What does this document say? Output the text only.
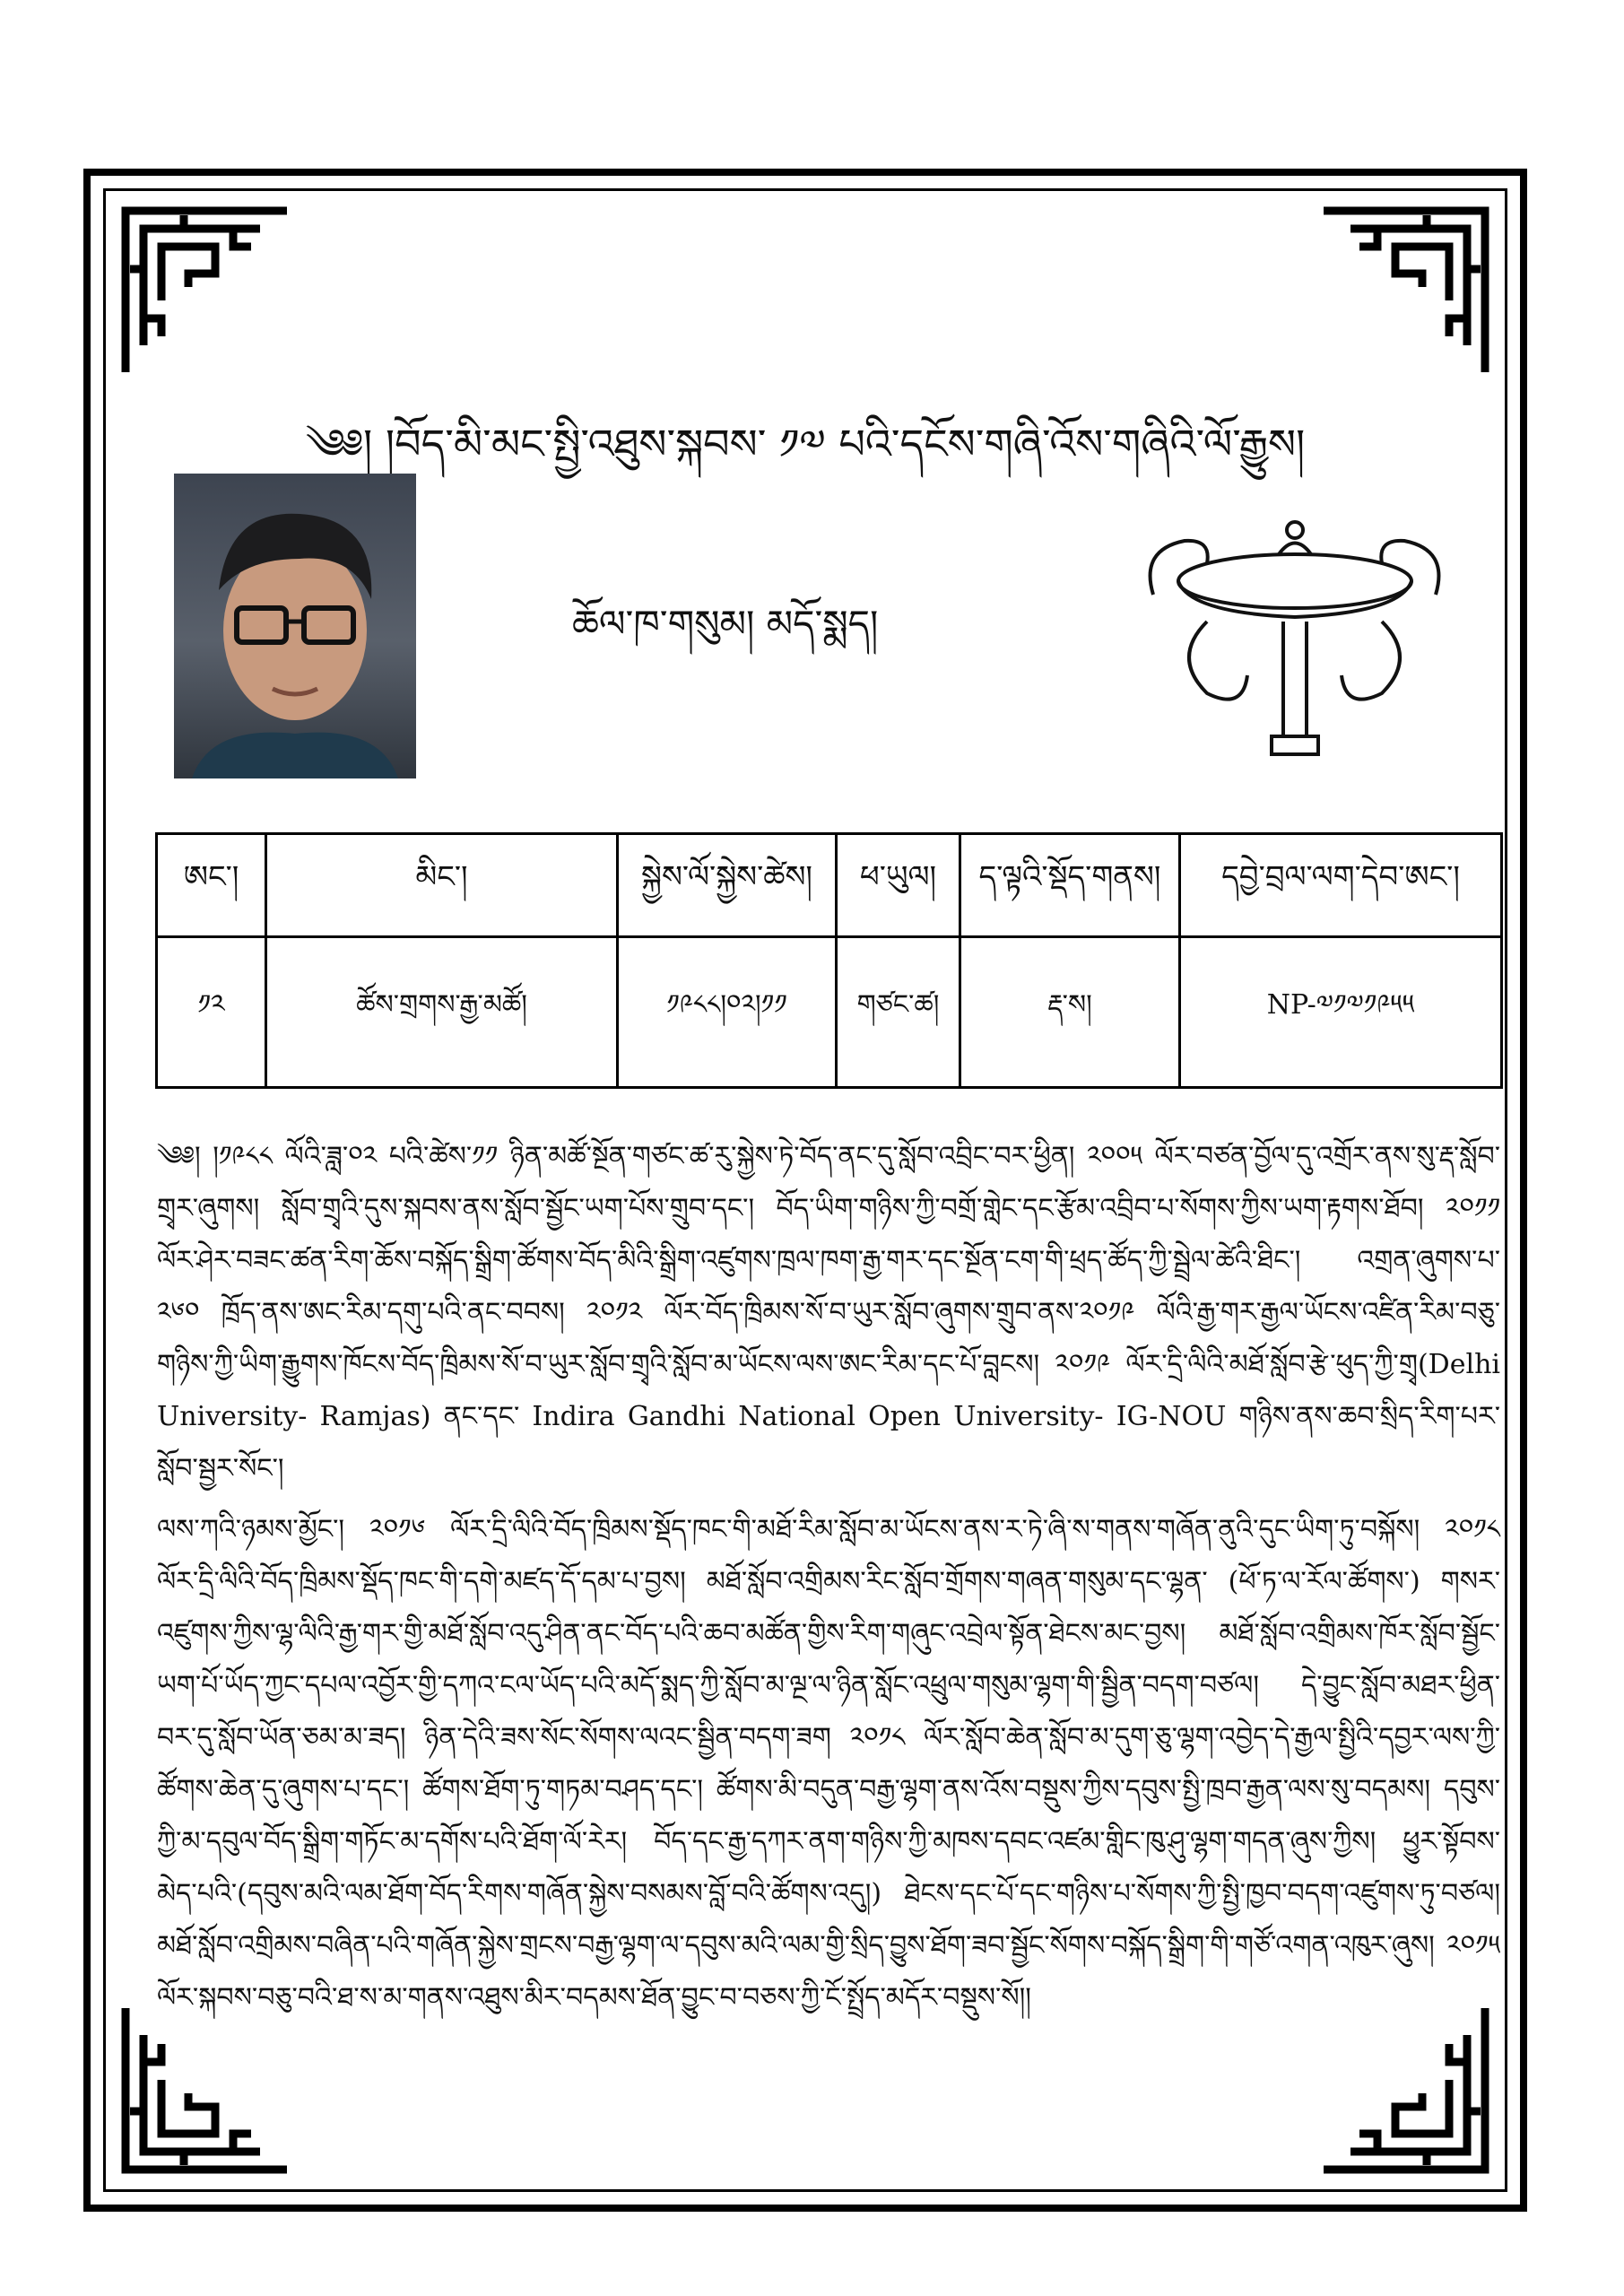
༄༅། །བོད་མི་མང་སྤྱི་འཐུས་སྐབས་ ༡༧ པའི་དངོས་གཞི་འོས་གཞིའི་ལོ་རྒྱུས།
ཆོལ་ཁ་གསུམ། མདོ་སྨད།
ཨང་།	མིང་།	སྐྱེས་ལོ་སྐྱེས་ཚེས།	ཕ་ཡུལ།	ད་ལྟའི་སྡོད་གནས།	དབྱེ་བྲལ་ལག་དེབ་ཨང་།
༡༢	ཚོས་གྲགས་རྒྱ་མཚོ།	༡༩༨༨།༠༢།༡༡	གཙང་ཚ།	རྡ་ས།	NP-༧༡༧༡༩༥༥

༄༅། །༡༩༨༨ ལོའི་ཟླ་༠༢ པའི་ཚེས་༡༡ ཉིན་མཚོ་སྔོན་གཙང་ཚ་རུ་སྐྱེས་ཏེ་བོད་ནང་དུ་སློབ་འབྲིང་བར་ཕྱིན། ༢༠༠༥ ལོར་བཙན་བྱོལ་དུ་འགྲོར་ནས་སུ་རྡ་སློབ་གྲྭར་ཞུགས། སློབ་གྲྭའི་དུས་སྐབས་ནས་སློབ་སྦྱོང་ཡག་པོས་གྲུབ་དང་། བོད་ཡིག་གཉིས་ཀྱི་བགྲོ་གླེང་དང་རྩོམ་འབྲིབ་པ་སོགས་ཀྱིས་ཡག་རྟགས་ཐོབ། ༢༠༡༡ ལོར་ཤེར་བཟང་ཚན་རིག་ཆོས་བསྐོད་སྒྲིག་ཚོགས་བོད་མིའི་སྒྲིག་འཛུགས་ཁྲལ་ཁག་རྒྱ་གར་དང་སྔོན་ངག་གི་ཕྲད་ཚོད་ཀྱི་སྦྲེལ་ཚེའི་ཐིང་། འགྲན་ཞུགས་པ་ ༢༦༠ ཁྲོད་ནས་ཨང་རིམ་དགུ་པའི་ནང་བབས། ༢༠༡༢ ལོར་བོད་ཁྲིམས་སོ་བ་ཡུར་སློབ་ཞུགས་གྲུབ་ནས་༢༠༡༩ ལོའི་རྒྱ་གར་རྒྱལ་ཡོངས་འཛིན་རིམ་བཅུ་གཉིས་ཀྱི་ཡིག་རྒྱུགས་ཁོངས་བོད་ཁྲིམས་སོ་བ་ཡུར་སློབ་གྲྭའི་སློབ་མ་ཡོངས་ལས་ཨང་རིམ་དང་པོ་བླངས། ༢༠༡༩ ལོར་དྲི་ལིའི་མཐོ་སློབ་རྩེ་ཕུད་ཀྱི་གྲྭ(Delhi University- Ramjas) ནང་དང་ Indira Gandhi National Open University- IG-NOU གཉིས་ནས་ཆབ་སྲིད་རིག་པར་སློབ་སྦྱར་སོང་།

ལས་ཀའི་ཉམས་མྱོང་། ༢༠༡༦ ལོར་དྲི་ལིའི་བོད་ཁྲིམས་སྡོད་ཁང་གི་མཐོ་རིམ་སློབ་མ་ཡོངས་ནས་ར་ཏེ་ཞི་ས་གནས་གཞོན་ནུའི་དུང་ཡིག་ཏུ་བསྐོས། ༢༠༡༨ ལོར་དྲི་ལིའི་བོད་ཁྲིམས་སྡོད་ཁང་གི་དགེ་མཛད་དོ་དམ་པ་བྱས། མཐོ་སློབ་འགྲིམས་རིང་སློབ་གྲོགས་གཞན་གསུམ་དང་ལྷན་ (ཕོ་ཏ་ལ་རོལ་ཚོགས་) གསར་འཛུགས་ཀྱིས་ལྷ་ལིའི་རྒྱ་གར་གྱི་མཐོ་སློབ་འདུ་ཤིན་ནང་བོད་པའི་ཆབ་མཚོན་གྱིས་རིག་གཞུང་འབྲེལ་སྟོན་ཐེངས་མང་བྱས། མཐོ་སློབ་འགྲིམས་ཁོར་སློབ་སྦྱོང་ཡག་པོ་ཡོད་ཀྱང་དཔལ་འབྱོར་གྱི་དཀའ་ངལ་ཡོད་པའི་མདོ་སྨད་ཀྱི་སློབ་མ་ལྔ་ལ་ཉིན་སློང་འཕྲུལ་གསུམ་ལྷག་གི་སྦྱིན་བདག་བཙལ། དེ་བྱུང་སློབ་མཐར་ཕྱིན་བར་དུ་སློབ་ཡོན་ཅམ་མ་ཟད། ཉིན་དེའི་ཟས་སོང་སོགས་ལའང་སྦྱིན་བདག་ཟག ༢༠༡༨ ལོར་སློབ་ཆེན་སློབ་མ་དུག་ཅུ་ལྷག་འབྱེད་དེ་རྒྱལ་སྤྱིའི་དབྱར་ལས་ཀྱི་ཚོགས་ཆེན་དུ་ཞུགས་པ་དང་། ཚོགས་ཐོག་ཏུ་གཏམ་བཤད་དང་། ཚོགས་མི་བདུན་བརྒྱ་ལྷག་ནས་འོས་བསྡུས་ཀྱིས་དབུས་སྤྱི་ཁྲབ་རྒྱན་ལས་སུ་བདམས། དབུས་ཀྱི་མ་དབུལ་བོད་སྒྲིག་གཏོང་མ་དགོས་པའི་ཐོག་ལོ་རེར། བོད་དང་རྒྱ་དཀར་ནག་གཉིས་ཀྱི་མཁས་དབང་འཛམ་གླིང་ཁུ་ཤུ་ལྷག་གདན་ཞུས་ཀྱིས། ཕྱུར་སྟོབས་མེད་པའི་(དབུས་མའི་ལམ་ཐོག་བོད་རིགས་གཞོན་སྐྱེས་བསམས་བློ་བའི་ཚོགས་འདུ།) ཐེངས་དང་པོ་དང་གཉིས་པ་སོགས་ཀྱི་སྤྱི་ཁྱབ་བདག་འཛུགས་ཏུ་བཙལ། མཐོ་སློབ་འགྲིམས་བཞིན་པའི་གཞོན་སྐྱེས་གྲངས་བརྒྱ་ལྷག་ལ་དབུས་མའི་ལམ་གྱི་སྲིད་བྱུས་ཐོག་ཟབ་སྦྱོང་སོགས་བསྐོད་སྒྲིག་གི་གཙོ་འགན་འཁུར་ཞུས། ༢༠༡༥ ལོར་སྐབས་བཅུ་བའི་ཐ་ས་མ་གནས་འཐུས་མིར་བདམས་ཐོན་བྱུང་བ་བཅས་ཀྱི་ངོ་སྤྲོད་མདོར་བསྡུས་སོ།།
